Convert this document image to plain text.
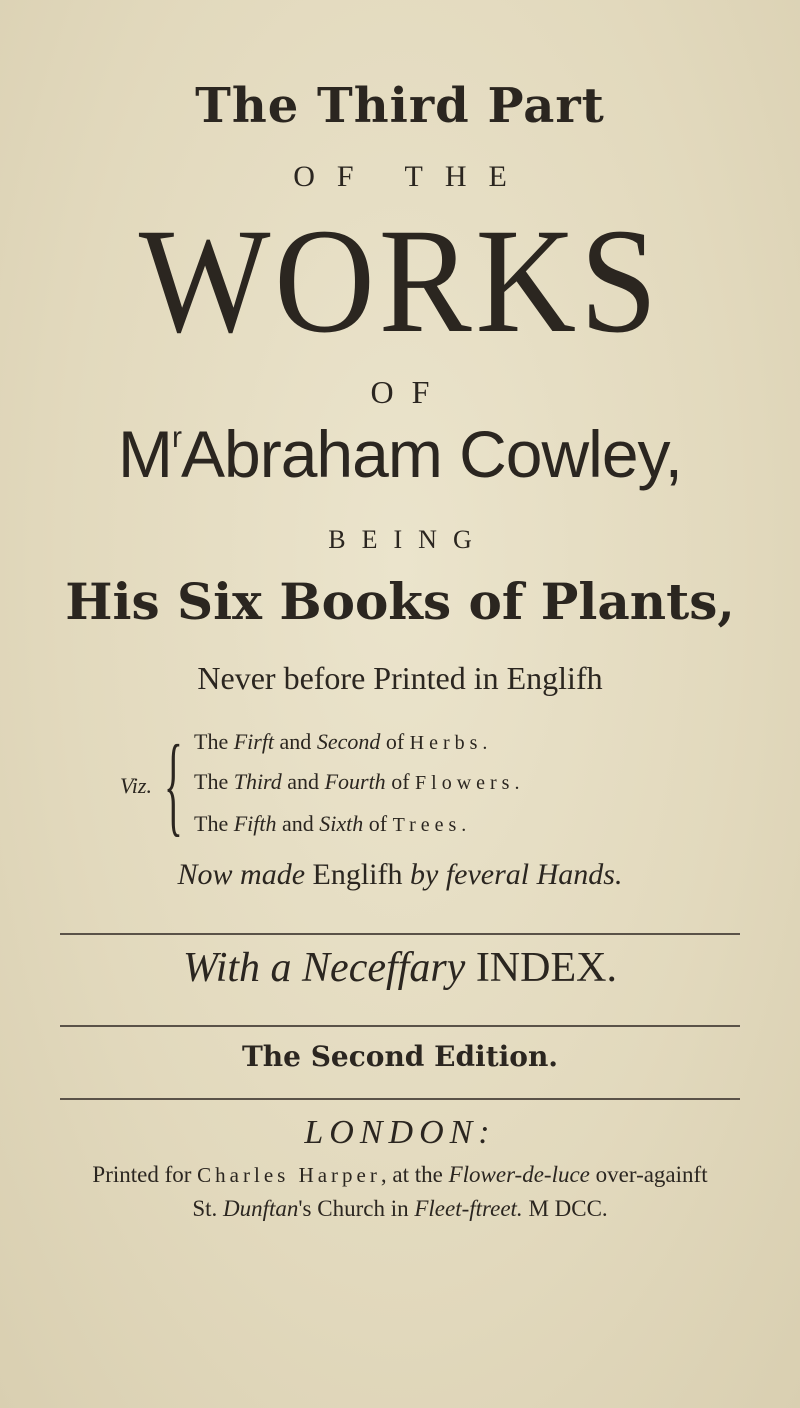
The Third Part
OF THE
WORKS
OF
$M^rAbraham$ Cowley,
BEING
His Six Books of Plants,
Never before Printed in Englifh
Viz. { The Firft and Second of Herbs.
The Third and Fourth of Flowers.
The Fifth and Sixth of Trees.
Now made Englifh by feveral Hands.
With a Neceffary INDEX.
The Second Edition.
LONDON:
Printed for Charles Harper, at the Flower-de-luce over-againft
St. Dunftan's Church in Fleet-ftreet. M DCC.
